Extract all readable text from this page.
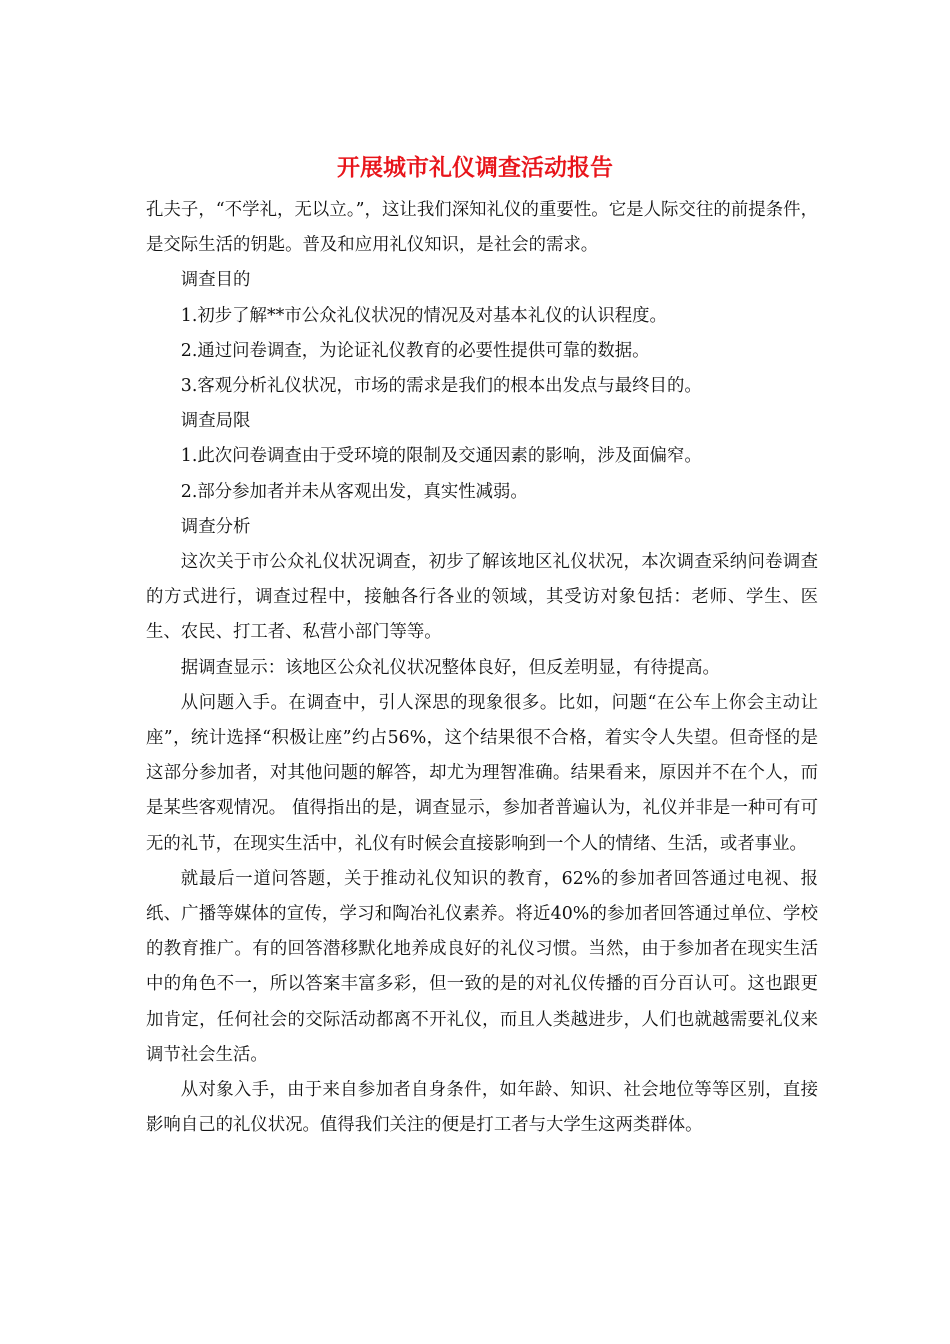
开展城市礼仪调查活动报告

孔夫子，“不学礼，无以立。”，这让我们深知礼仪的重要性。它是人际交往的前提条件，是交际生活的钥匙。普及和应用礼仪知识，是社会的需求。

调查目的

1.初步了解**市公众礼仪状况的情况及对基本礼仪的认识程度。

2.通过问卷调查，为论证礼仪教育的必要性提供可靠的数据。

3.客观分析礼仪状况，市场的需求是我们的根本出发点与最终目的。

调查局限

1.此次问卷调查由于受环境的限制及交通因素的影响，涉及面偏窄。

2.部分参加者并未从客观出发，真实性减弱。

调查分析

这次关于市公众礼仪状况调查，初步了解该地区礼仪状况，本次调查采纳问卷调查的方式进行，调查过程中，接触各行各业的领域，其受访对象包括：老师、学生、医生、农民、打工者、私营小部门等等。

据调查显示：该地区公众礼仪状况整体良好，但反差明显，有待提高。

从问题入手。在调查中，引人深思的现象很多。比如，问题“在公车上你会主动让座”，统计选择“积极让座”约占56%，这个结果很不合格，着实令人失望。但奇怪的是这部分参加者，对其他问题的解答，却尤为理智准确。结果看来，原因并不在个人，而是某些客观情况。 值得指出的是，调查显示，参加者普遍认为，礼仪并非是一种可有可无的礼节，在现实生活中，礼仪有时候会直接影响到一个人的情绪、生活，或者事业。

就最后一道问答题，关于推动礼仪知识的教育，62%的参加者回答通过电视、报纸、广播等媒体的宣传，学习和陶冶礼仪素养。将近40%的参加者回答通过单位、学校的教育推广。有的回答潜移默化地养成良好的礼仪习惯。当然，由于参加者在现实生活中的角色不一，所以答案丰富多彩，但一致的是的对礼仪传播的百分百认可。这也跟更加肯定，任何社会的交际活动都离不开礼仪，而且人类越进步，人们也就越需要礼仪来调节社会生活。

从对象入手，由于来自参加者自身条件，如年龄、知识、社会地位等等区别，直接影响自己的礼仪状况。值得我们关注的便是打工者与大学生这两类群体。
